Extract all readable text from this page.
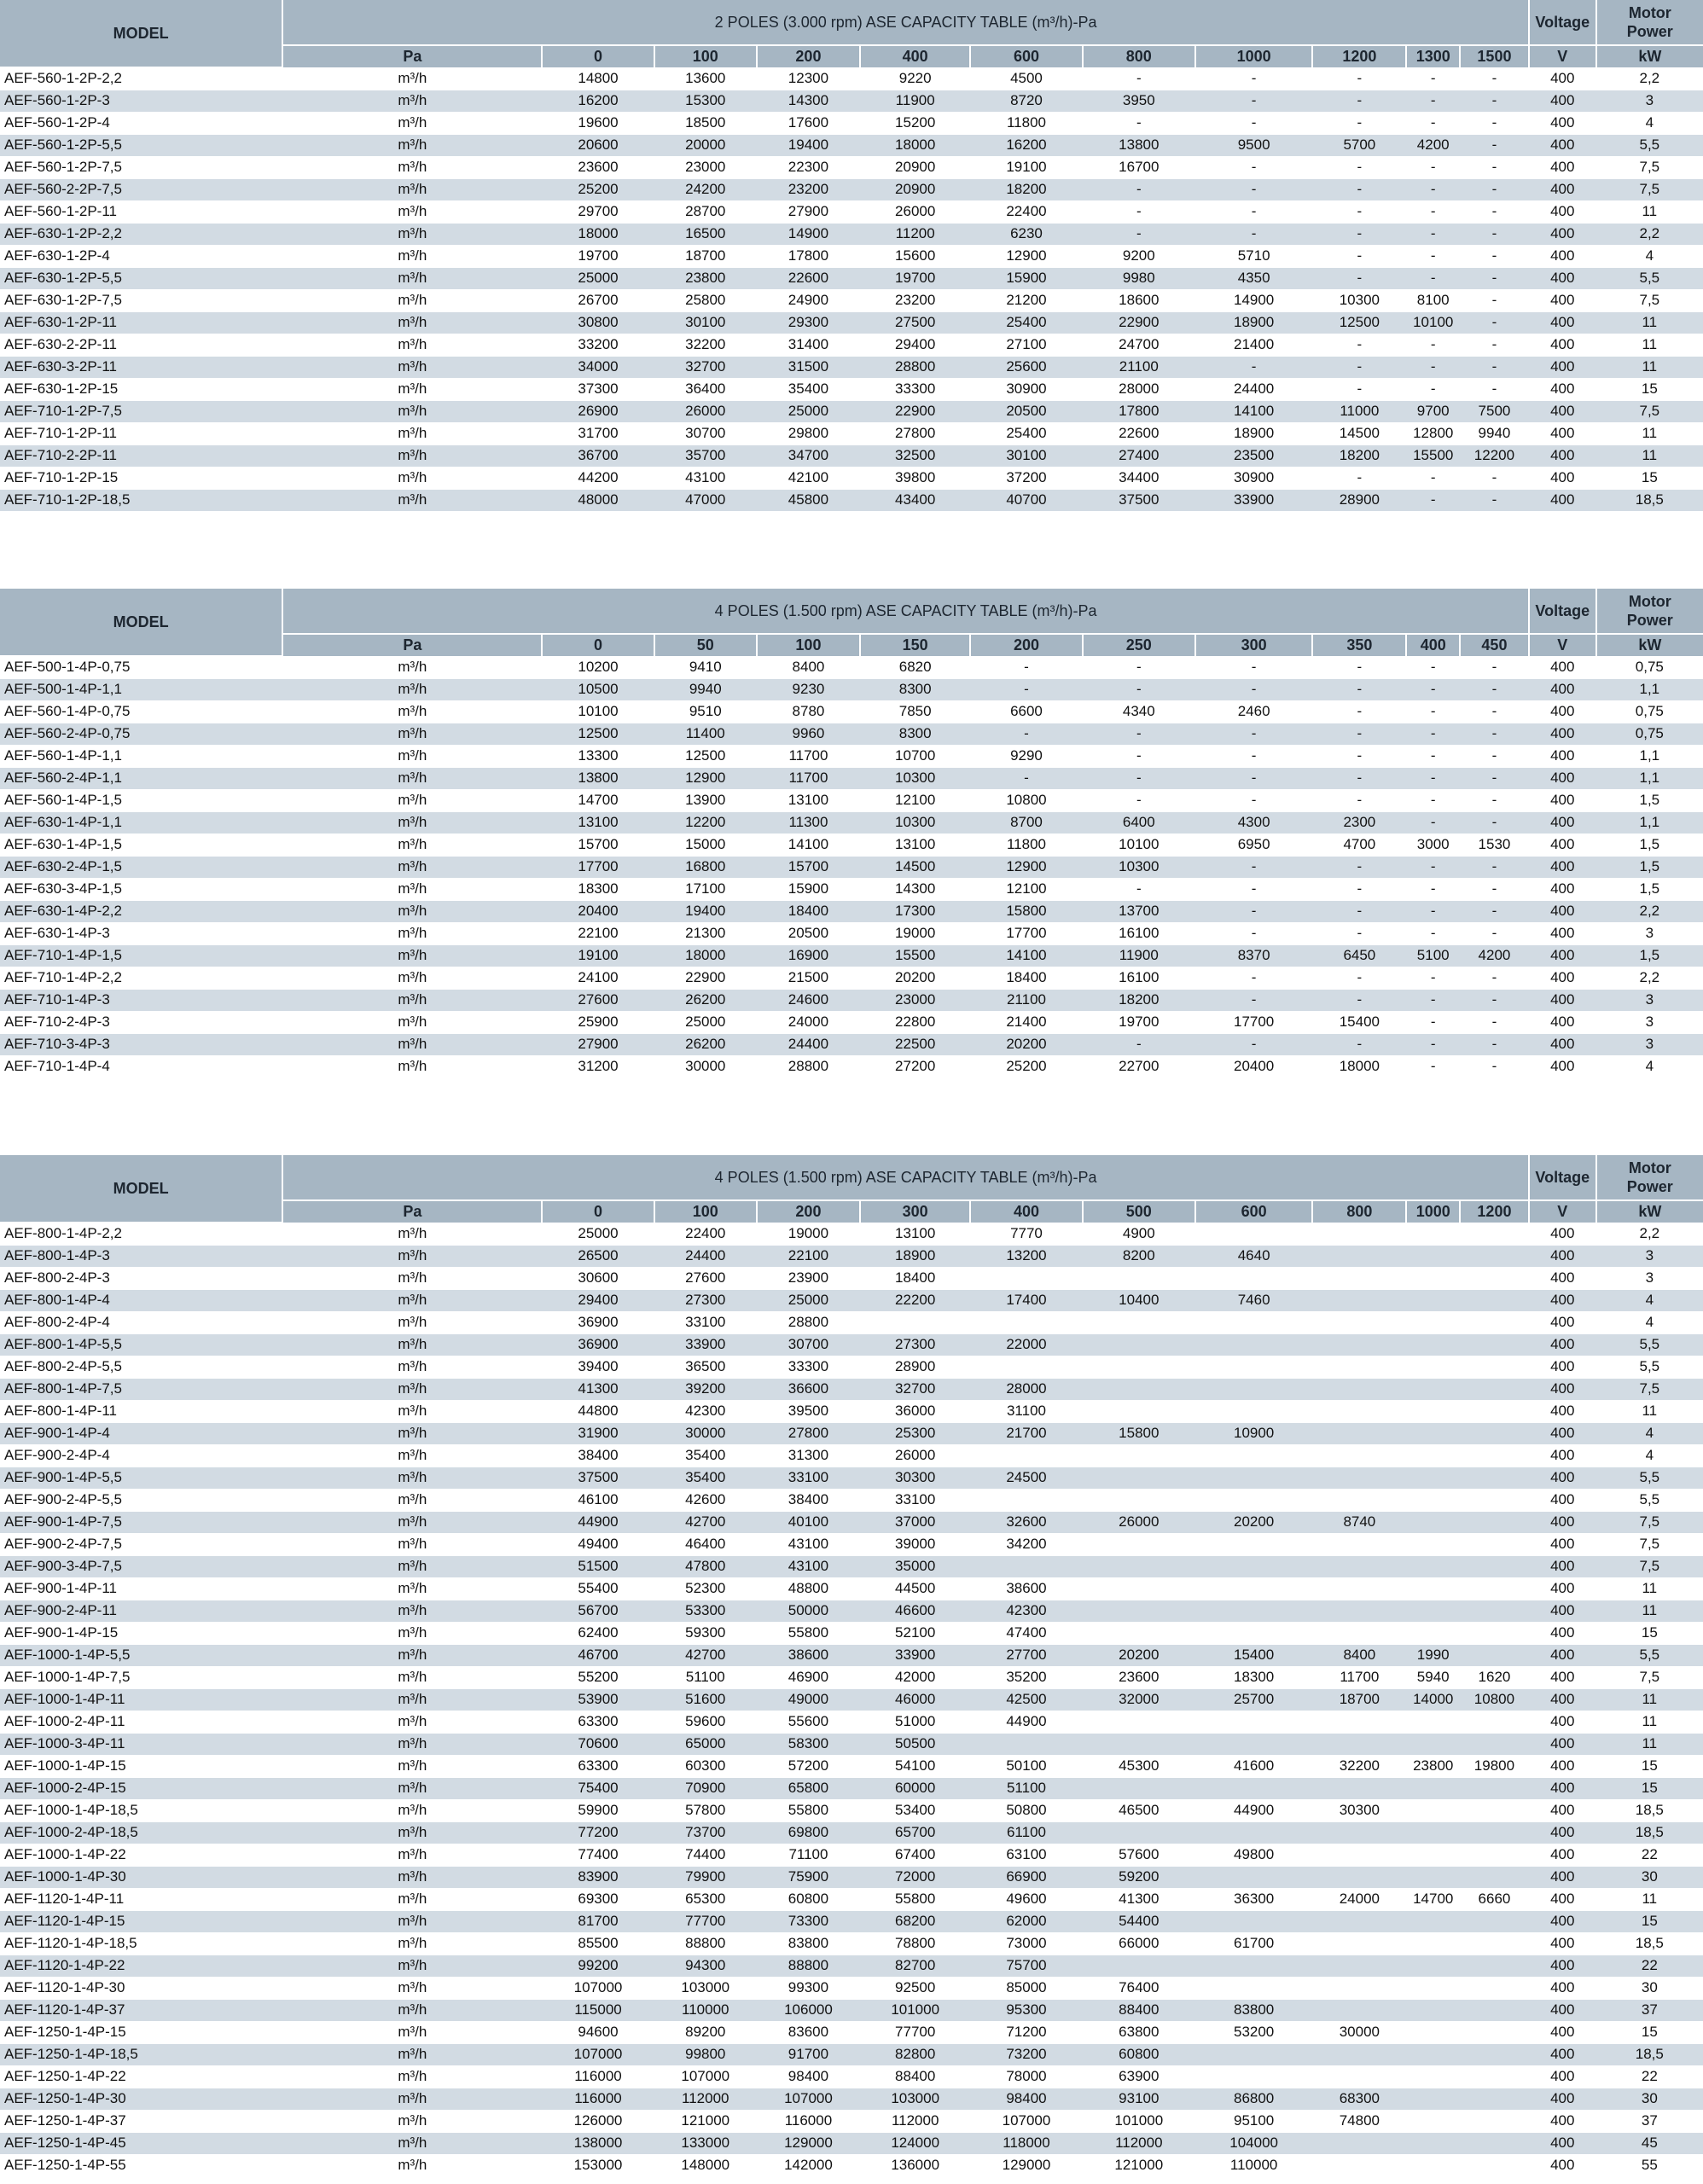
MODEL	2 POLES (3.000 rpm) ASE CAPACITY TABLE (m³/h)-Pa											Voltage	Motor
Power
	Pa	0	100	200	400	600	800	1000	1200	1300	1500	V	kW
AEF-560-1-2P-2,2	m³/h	14800	13600	12300	9220	4500	-	-	-	-	-	400	2,2
AEF-560-1-2P-3	m³/h	16200	15300	14300	11900	8720	3950	-	-	-	-	400	3
AEF-560-1-2P-4	m³/h	19600	18500	17600	15200	11800	-	-	-	-	-	400	4
AEF-560-1-2P-5,5	m³/h	20600	20000	19400	18000	16200	13800	9500	5700	4200	-	400	5,5
AEF-560-1-2P-7,5	m³/h	23600	23000	22300	20900	19100	16700	-	-	-	-	400	7,5
AEF-560-2-2P-7,5	m³/h	25200	24200	23200	20900	18200	-	-	-	-	-	400	7,5
AEF-560-1-2P-11	m³/h	29700	28700	27900	26000	22400	-	-	-	-	-	400	11
AEF-630-1-2P-2,2	m³/h	18000	16500	14900	11200	6230	-	-	-	-	-	400	2,2
AEF-630-1-2P-4	m³/h	19700	18700	17800	15600	12900	9200	5710	-	-	-	400	4
AEF-630-1-2P-5,5	m³/h	25000	23800	22600	19700	15900	9980	4350	-	-	-	400	5,5
AEF-630-1-2P-7,5	m³/h	26700	25800	24900	23200	21200	18600	14900	10300	8100	-	400	7,5
AEF-630-1-2P-11	m³/h	30800	30100	29300	27500	25400	22900	18900	12500	10100	-	400	11
AEF-630-2-2P-11	m³/h	33200	32200	31400	29400	27100	24700	21400	-	-	-	400	11
AEF-630-3-2P-11	m³/h	34000	32700	31500	28800	25600	21100	-	-	-	-	400	11
AEF-630-1-2P-15	m³/h	37300	36400	35400	33300	30900	28000	24400	-	-	-	400	15
AEF-710-1-2P-7,5	m³/h	26900	26000	25000	22900	20500	17800	14100	11000	9700	7500	400	7,5
AEF-710-1-2P-11	m³/h	31700	30700	29800	27800	25400	22600	18900	14500	12800	9940	400	11
AEF-710-2-2P-11	m³/h	36700	35700	34700	32500	30100	27400	23500	18200	15500	12200	400	11
AEF-710-1-2P-15	m³/h	44200	43100	42100	39800	37200	34400	30900	-	-	-	400	15
AEF-710-1-2P-18,5	m³/h	48000	47000	45800	43400	40700	37500	33900	28900	-	-	400	18,5
MODEL	4 POLES (1.500 rpm) ASE CAPACITY TABLE (m³/h)-Pa											Voltage	Motor
Power
	Pa	0	50	100	150	200	250	300	350	400	450	V	kW
AEF-500-1-4P-0,75	m³/h	10200	9410	8400	6820	-	-	-	-	-	-	400	0,75
AEF-500-1-4P-1,1	m³/h	10500	9940	9230	8300	-	-	-	-	-	-	400	1,1
AEF-560-1-4P-0,75	m³/h	10100	9510	8780	7850	6600	4340	2460	-	-	-	400	0,75
AEF-560-2-4P-0,75	m³/h	12500	11400	9960	8300	-	-	-	-	-	-	400	0,75
AEF-560-1-4P-1,1	m³/h	13300	12500	11700	10700	9290	-	-	-	-	-	400	1,1
AEF-560-2-4P-1,1	m³/h	13800	12900	11700	10300	-	-	-	-	-	-	400	1,1
AEF-560-1-4P-1,5	m³/h	14700	13900	13100	12100	10800	-	-	-	-	-	400	1,5
AEF-630-1-4P-1,1	m³/h	13100	12200	11300	10300	8700	6400	4300	2300	-	-	400	1,1
AEF-630-1-4P-1,5	m³/h	15700	15000	14100	13100	11800	10100	6950	4700	3000	1530	400	1,5
AEF-630-2-4P-1,5	m³/h	17700	16800	15700	14500	12900	10300	-	-	-	-	400	1,5
AEF-630-3-4P-1,5	m³/h	18300	17100	15900	14300	12100	-	-	-	-	-	400	1,5
AEF-630-1-4P-2,2	m³/h	20400	19400	18400	17300	15800	13700	-	-	-	-	400	2,2
AEF-630-1-4P-3	m³/h	22100	21300	20500	19000	17700	16100	-	-	-	-	400	3
AEF-710-1-4P-1,5	m³/h	19100	18000	16900	15500	14100	11900	8370	6450	5100	4200	400	1,5
AEF-710-1-4P-2,2	m³/h	24100	22900	21500	20200	18400	16100	-	-	-	-	400	2,2
AEF-710-1-4P-3	m³/h	27600	26200	24600	23000	21100	18200	-	-	-	-	400	3
AEF-710-2-4P-3	m³/h	25900	25000	24000	22800	21400	19700	17700	15400	-	-	400	3
AEF-710-3-4P-3	m³/h	27900	26200	24400	22500	20200	-	-	-	-	-	400	3
AEF-710-1-4P-4	m³/h	31200	30000	28800	27200	25200	22700	20400	18000	-	-	400	4
MODEL	4 POLES (1.500 rpm) ASE CAPACITY TABLE (m³/h)-Pa											Voltage	Motor
Power
	Pa	0	100	200	300	400	500	600	800	1000	1200	V	kW
AEF-800-1-4P-2,2	m³/h	25000	22400	19000	13100	7770	4900					400	2,2
AEF-800-1-4P-3	m³/h	26500	24400	22100	18900	13200	8200	4640				400	3
AEF-800-2-4P-3	m³/h	30600	27600	23900	18400							400	3
AEF-800-1-4P-4	m³/h	29400	27300	25000	22200	17400	10400	7460				400	4
AEF-800-2-4P-4	m³/h	36900	33100	28800								400	4
AEF-800-1-4P-5,5	m³/h	36900	33900	30700	27300	22000						400	5,5
AEF-800-2-4P-5,5	m³/h	39400	36500	33300	28900							400	5,5
AEF-800-1-4P-7,5	m³/h	41300	39200	36600	32700	28000						400	7,5
AEF-800-1-4P-11	m³/h	44800	42300	39500	36000	31100						400	11
AEF-900-1-4P-4	m³/h	31900	30000	27800	25300	21700	15800	10900				400	4
AEF-900-2-4P-4	m³/h	38400	35400	31300	26000							400	4
AEF-900-1-4P-5,5	m³/h	37500	35400	33100	30300	24500						400	5,5
AEF-900-2-4P-5,5	m³/h	46100	42600	38400	33100							400	5,5
AEF-900-1-4P-7,5	m³/h	44900	42700	40100	37000	32600	26000	20200	8740			400	7,5
AEF-900-2-4P-7,5	m³/h	49400	46400	43100	39000	34200						400	7,5
AEF-900-3-4P-7,5	m³/h	51500	47800	43100	35000							400	7,5
AEF-900-1-4P-11	m³/h	55400	52300	48800	44500	38600						400	11
AEF-900-2-4P-11	m³/h	56700	53300	50000	46600	42300						400	11
AEF-900-1-4P-15	m³/h	62400	59300	55800	52100	47400						400	15
AEF-1000-1-4P-5,5	m³/h	46700	42700	38600	33900	27700	20200	15400	8400	1990		400	5,5
AEF-1000-1-4P-7,5	m³/h	55200	51100	46900	42000	35200	23600	18300	11700	5940	1620	400	7,5
AEF-1000-1-4P-11	m³/h	53900	51600	49000	46000	42500	32000	25700	18700	14000	10800	400	11
AEF-1000-2-4P-11	m³/h	63300	59600	55600	51000	44900						400	11
AEF-1000-3-4P-11	m³/h	70600	65000	58300	50500							400	11
AEF-1000-1-4P-15	m³/h	63300	60300	57200	54100	50100	45300	41600	32200	23800	19800	400	15
AEF-1000-2-4P-15	m³/h	75400	70900	65800	60000	51100						400	15
AEF-1000-1-4P-18,5	m³/h	59900	57800	55800	53400	50800	46500	44900	30300			400	18,5
AEF-1000-2-4P-18,5	m³/h	77200	73700	69800	65700	61100						400	18,5
AEF-1000-1-4P-22	m³/h	77400	74400	71100	67400	63100	57600	49800				400	22
AEF-1000-1-4P-30	m³/h	83900	79900	75900	72000	66900	59200					400	30
AEF-1120-1-4P-11	m³/h	69300	65300	60800	55800	49600	41300	36300	24000	14700	6660	400	11
AEF-1120-1-4P-15	m³/h	81700	77700	73300	68200	62000	54400					400	15
AEF-1120-1-4P-18,5	m³/h	85500	88800	83800	78800	73000	66000	61700				400	18,5
AEF-1120-1-4P-22	m³/h	99200	94300	88800	82700	75700						400	22
AEF-1120-1-4P-30	m³/h	107000	103000	99300	92500	85000	76400					400	30
AEF-1120-1-4P-37	m³/h	115000	110000	106000	101000	95300	88400	83800				400	37
AEF-1250-1-4P-15	m³/h	94600	89200	83600	77700	71200	63800	53200	30000			400	15
AEF-1250-1-4P-18,5	m³/h	107000	99800	91700	82800	73200	60800					400	18,5
AEF-1250-1-4P-22	m³/h	116000	107000	98400	88400	78000	63900					400	22
AEF-1250-1-4P-30	m³/h	116000	112000	107000	103000	98400	93100	86800	68300			400	30
AEF-1250-1-4P-37	m³/h	126000	121000	116000	112000	107000	101000	95100	74800			400	37
AEF-1250-1-4P-45	m³/h	138000	133000	129000	124000	118000	112000	104000				400	45
AEF-1250-1-4P-55	m³/h	153000	148000	142000	136000	129000	121000	110000				400	55
